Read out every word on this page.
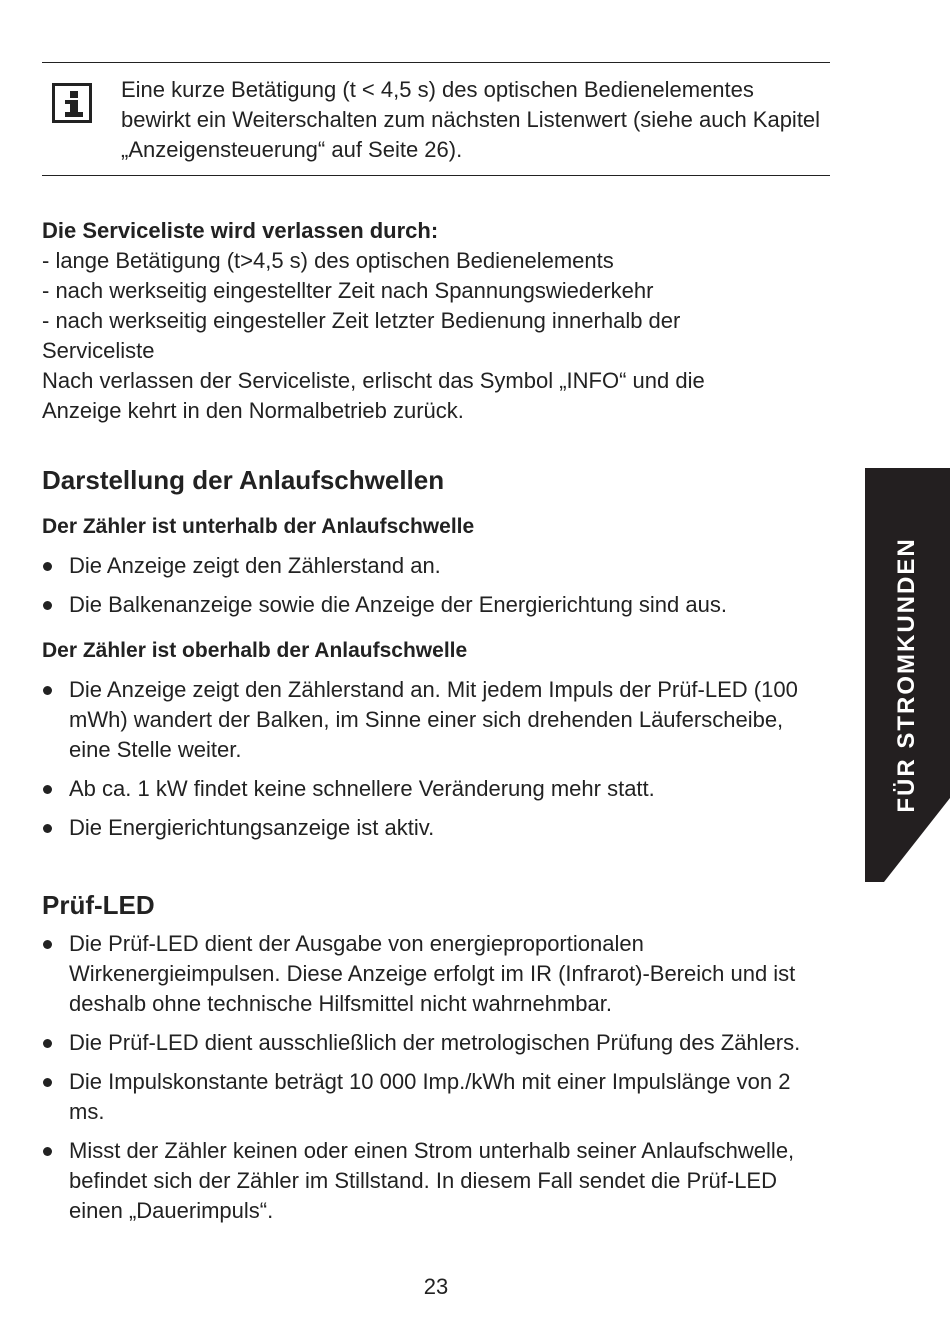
Eine kurze Betätigung (t < 4,5 s) des optischen Bedienelementes bewirkt ein Weiterschalten zum nächsten Listenwert (siehe auch Kapitel „Anzeigensteuerung“ auf Seite 26).

Die Serviceliste wird verlassen durch:
- lange Betätigung (t>4,5 s) des optischen Bedienelements
- nach werkseitig eingestellter Zeit nach Spannungswiederkehr
- nach werkseitig eingesteller Zeit letzter Bedienung innerhalb der
Serviceliste
Nach verlassen der Serviceliste, erlischt das Symbol „INFO“ und die
Anzeige kehrt in den Normalbetrieb zurück.
Darstellung der Anlaufschwellen
Der Zähler ist unterhalb der Anlaufschwelle
Die Anzeige zeigt den Zählerstand an.
Die Balkenanzeige sowie die Anzeige der Energierichtung sind aus.
Der Zähler ist oberhalb der Anlaufschwelle
Die Anzeige zeigt den Zählerstand an. Mit jedem Impuls der Prüf-LED (100 mWh) wandert der Balken, im Sinne einer sich drehenden Läuferscheibe, eine Stelle weiter.
Ab ca. 1 kW findet keine schnellere Veränderung mehr statt.
Die Energierichtungsanzeige ist aktiv.
Prüf-LED
Die Prüf-LED dient der Ausgabe von energieproportionalen Wirkenergieimpulsen. Diese Anzeige erfolgt im IR (Infrarot)-Bereich und ist deshalb ohne technische Hilfsmittel nicht wahrnehmbar.
Die Prüf-LED dient ausschließlich der metrologischen Prüfung des Zählers.
Die Impulskonstante beträgt 10 000 Imp./kWh mit einer Impulslänge von 2 ms.
Misst der Zähler keinen oder einen Strom unterhalb seiner Anlaufschwelle, befindet sich der Zähler im Stillstand. In diesem Fall sendet die Prüf-LED einen „Dauerimpuls“.
FÜR STROMKUNDEN

23
